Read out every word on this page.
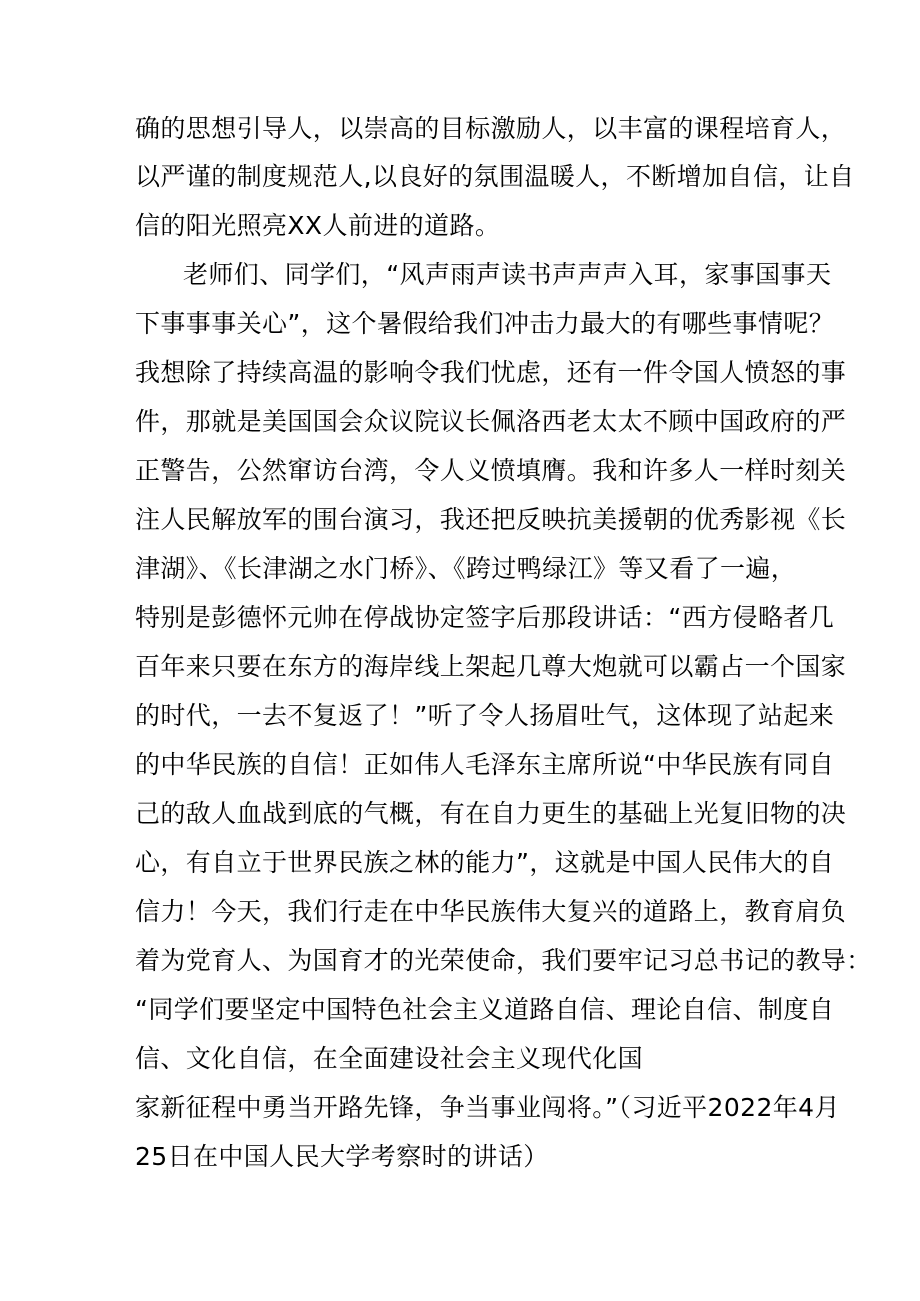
确的思想引导人，以崇高的目标激励人，以丰富的课程培育人，
以严谨的制度规范人,以良好的氛围温暖人，不断增加自信，让自
信的阳光照亮XX人前进的道路。
老师们、同学们，“风声雨声读书声声声入耳，家事国事天
下事事事关心”，这个暑假给我们冲击力最大的有哪些事情呢？
我想除了持续高温的影响令我们忧虑，还有一件令国人愤怒的事
件，那就是美国国会众议院议长佩洛西老太太不顾中国政府的严
正警告，公然窜访台湾，令人义愤填膺。我和许多人一样时刻关
注人民解放军的围台演习，我还把反映抗美援朝的优秀影视《长
津湖》、《长津湖之水门桥》、《跨过鸭绿江》等又看了一遍，
特别是彭德怀元帅在停战协定签字后那段讲话：“西方侵略者几
百年来只要在东方的海岸线上架起几尊大炮就可以霸占一个国家
的时代，一去不复返了！”听了令人扬眉吐气，这体现了站起来
的中华民族的自信！正如伟人毛泽东主席所说“中华民族有同自
己的敌人血战到底的气概，有在自力更生的基础上光复旧物的决
心，有自立于世界民族之林的能力”，这就是中国人民伟大的自
信力！今天，我们行走在中华民族伟大复兴的道路上，教育肩负
着为党育人、为国育才的光荣使命，我们要牢记习总书记的教导：
“同学们要坚定中国特色社会主义道路自信、理论自信、制度自
信、文化自信，在全面建设社会主义现代化国
家新征程中勇当开路先锋，争当事业闯将。”（习近平2022年4月
25日在中国人民大学考察时的讲话）
